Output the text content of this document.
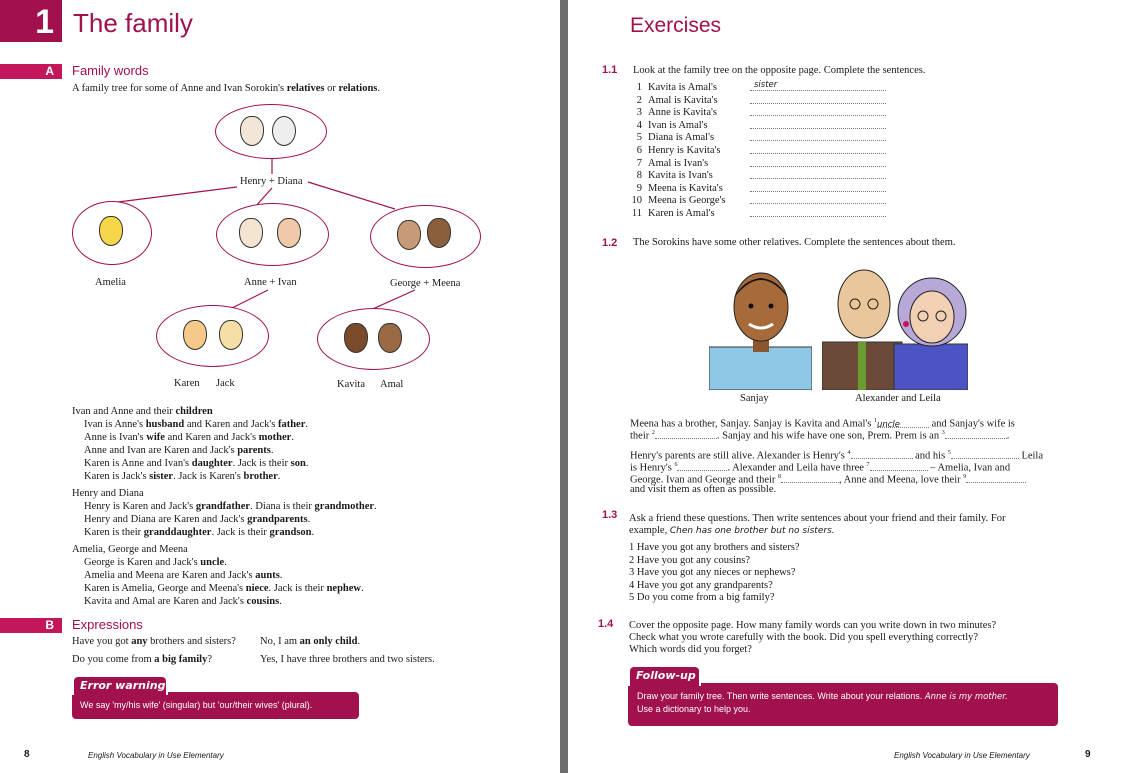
1 The family
A	Family words
A family tree for some of Anne and Ivan Sorokin's relatives or relations.
Henry + Diana
Amelia	Anne + Ivan	George + Meena
Karen Jack	Kavita Amal
Ivan and Anne and their children
Ivan is Anne's husband and Karen and Jack's father.
Anne is Ivan's wife and Karen and Jack's mother.
Anne and Ivan are Karen and Jack's parents.
Karen is Anne and Ivan's daughter. Jack is their son.
Karen is Jack's sister. Jack is Karen's brother.
Henry and Diana
Henry is Karen and Jack's grandfather. Diana is their grandmother.
Henry and Diana are Karen and Jack's grandparents.
Karen is their granddaughter. Jack is their grandson.
Amelia, George and Meena
George is Karen and Jack's uncle.
Amelia and Meena are Karen and Jack's aunts.
Karen is Amelia, George and Meena's niece. Jack is their nephew.
Kavita and Amal are Karen and Jack's cousins.
B	Expressions
Have you got any brothers and sisters? No, I am an only child.
Do you come from a big family?	Yes, I have three brothers and two sisters.
We say 'my/his wife' (singular) but 'our/their wives' (plural).
Error warning
8	English Vocabulary in Use Elementary
Exercises
1.1 Look at the family tree on the opposite page. Complete the sentences.
1 Kavita is Amal's	sister
2 Amal is Kavita's
3 Anne is Kavita's
4 Ivan is Amal's
5 Diana is Amal's
6 Henry is Kavita's
7 Amal is Ivan's
8 Kavita is Ivan's
9 Meena is Kavita's
10 Meena is George's
11 Karen is Amal's
1.2 The Sorokins have some other relatives. Complete the sentences about them.
Sanjay	Alexander and Leila
Meena has a brother, Sanjay. Sanjay is Kavita and Amal's $^1$uncle	and Sanjay's wife is
their $^2$	. Sanjay and his wife have one son, Prem. Prem is an $^3$	.
Henry's parents are still alive. Alexander is Henry's $^4$	and his $^5$	Leila
is Henry's $^6$	. Alexander and Leila have three $^7$	– Amelia, Ivan and
George. Ivan and George and their $^8$	, Anne and Meena, love their $^9$
and visit them as often as possible.
1.3 Ask a friend these questions. Then write sentences about your friend and their family. For
example, Chen has one brother but no sisters.
1 Have you got any brothers and sisters?
2 Have you got any cousins?
3 Have you got any nieces or nephews?
4 Have you got any grandparents?
5 Do you come from a big family?
1.4 Cover the opposite page. How many family words can you write down in two minutes?
Check what you wrote carefully with the book. Did you spell everything correctly?
Which words did you forget?
Draw your family tree. Then write sentences. Write about your relations. Anne is my mother.
Use a dictionary to help you.
Follow-up
English Vocabulary in Use Elementary	9
